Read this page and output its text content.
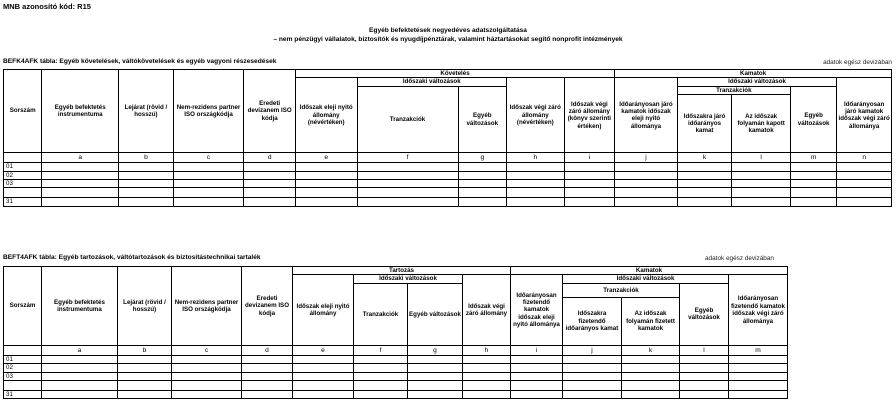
MNB azonosító kód: R15
Egyéb befektetések negyedéves adatszolgáltatása
– nem pénzügyi vállalatok, biztosítók és nyugdíjpénztárak, valamint háztartásokat segítő nonprofit intézmények
BEFK4AFK tábla: Egyéb követelések, váltókövetelések és egyéb vagyoni részesedések	adatok egész devizában
Sorszám	Egyéb befektetés instrumentuma	Lejárat (rövid / hosszú)	Nem-rezidens partner ISO országkódja	Eredeti devizanem ISO kódja	Követelés					Kamatok				
					Időszak eleji nyitó állomány (névértéken)	Időszaki változások		Időszak végi záró állomány (névértéken)	Időszak végi záró állomány (könyv szerinti értéken)	Időarányosan járó kamatok időszak eleji nyitó állománya	Időszaki változások			Időarányosan járó kamatok időszak végi záró állománya
						Tranzakciók	Egyéb változások				Tranzakciók		Egyéb változások	
											Időszakra járó időarányos kamat	Az időszak folyamán kapott kamatok		
	a	b	c	d	e	f	g	h	i	j	k	l	m	n
01														
02														
03														

31														
BEFT4AFK tábla: Egyéb tartozások, váltótartozások és biztosítástechnikai tartalék	adatok egész devizában
Sorszám	Egyéb befektetés instrumentuma	Lejárat (rövid / hosszú)	Nem-rezidens partner ISO országkódja	Eredeti devizanem ISO kódja	Tartozás				Kamatok				
					Időszak eleji nyitó állomány	Időszaki változások		Időszak végi záró állomány	Időarányosan fizetendő kamatok időszak eleji nyitó állománya	Időszaki változások			Időarányosan fizetendő kamatok időszak végi záró állománya
						Tranzakciók	Egyéb változások			Tranzakciók		Egyéb változások	
										Időszakra fizetendő időarányos kamat	Az időszak folyamán fizetett kamatok		
	a	b	c	d	e	f	g	h	i	j	k	l	m
01													
02													
03													

31													
